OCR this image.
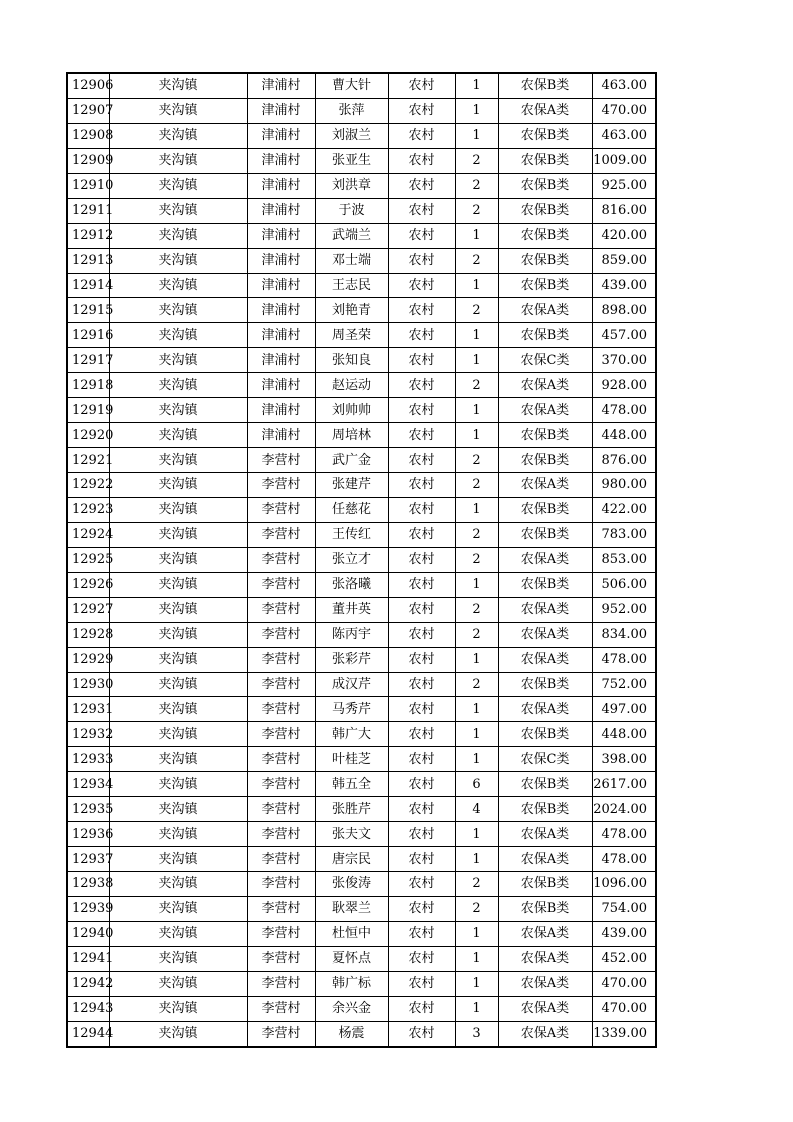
12906	夹沟镇	津浦村	曹大针	农村	1	农保B类	463.00
12907	夹沟镇	津浦村	张萍	农村	1	农保A类	470.00
12908	夹沟镇	津浦村	刘淑兰	农村	1	农保B类	463.00
12909	夹沟镇	津浦村	张亚生	农村	2	农保B类	1009.00
12910	夹沟镇	津浦村	刘洪章	农村	2	农保B类	925.00
12911	夹沟镇	津浦村	于波	农村	2	农保B类	816.00
12912	夹沟镇	津浦村	武端兰	农村	1	农保B类	420.00
12913	夹沟镇	津浦村	邓士端	农村	2	农保B类	859.00
12914	夹沟镇	津浦村	王志民	农村	1	农保B类	439.00
12915	夹沟镇	津浦村	刘艳青	农村	2	农保A类	898.00
12916	夹沟镇	津浦村	周圣荣	农村	1	农保B类	457.00
12917	夹沟镇	津浦村	张知良	农村	1	农保C类	370.00
12918	夹沟镇	津浦村	赵运动	农村	2	农保A类	928.00
12919	夹沟镇	津浦村	刘帅帅	农村	1	农保A类	478.00
12920	夹沟镇	津浦村	周培林	农村	1	农保B类	448.00
12921	夹沟镇	李营村	武广金	农村	2	农保B类	876.00
12922	夹沟镇	李营村	张建芹	农村	2	农保A类	980.00
12923	夹沟镇	李营村	任慈花	农村	1	农保B类	422.00
12924	夹沟镇	李营村	王传红	农村	2	农保B类	783.00
12925	夹沟镇	李营村	张立才	农村	2	农保A类	853.00
12926	夹沟镇	李营村	张洛曦	农村	1	农保B类	506.00
12927	夹沟镇	李营村	董井英	农村	2	农保A类	952.00
12928	夹沟镇	李营村	陈丙宇	农村	2	农保A类	834.00
12929	夹沟镇	李营村	张彩芹	农村	1	农保A类	478.00
12930	夹沟镇	李营村	成汉芹	农村	2	农保B类	752.00
12931	夹沟镇	李营村	马秀芹	农村	1	农保A类	497.00
12932	夹沟镇	李营村	韩广大	农村	1	农保B类	448.00
12933	夹沟镇	李营村	叶桂芝	农村	1	农保C类	398.00
12934	夹沟镇	李营村	韩五全	农村	6	农保B类	2617.00
12935	夹沟镇	李营村	张胜芹	农村	4	农保B类	2024.00
12936	夹沟镇	李营村	张夫文	农村	1	农保A类	478.00
12937	夹沟镇	李营村	唐宗民	农村	1	农保A类	478.00
12938	夹沟镇	李营村	张俊涛	农村	2	农保B类	1096.00
12939	夹沟镇	李营村	耿翠兰	农村	2	农保B类	754.00
12940	夹沟镇	李营村	杜恒中	农村	1	农保A类	439.00
12941	夹沟镇	李营村	夏怀点	农村	1	农保A类	452.00
12942	夹沟镇	李营村	韩广标	农村	1	农保A类	470.00
12943	夹沟镇	李营村	余兴金	农村	1	农保A类	470.00
12944	夹沟镇	李营村	杨震	农村	3	农保A类	1339.00
